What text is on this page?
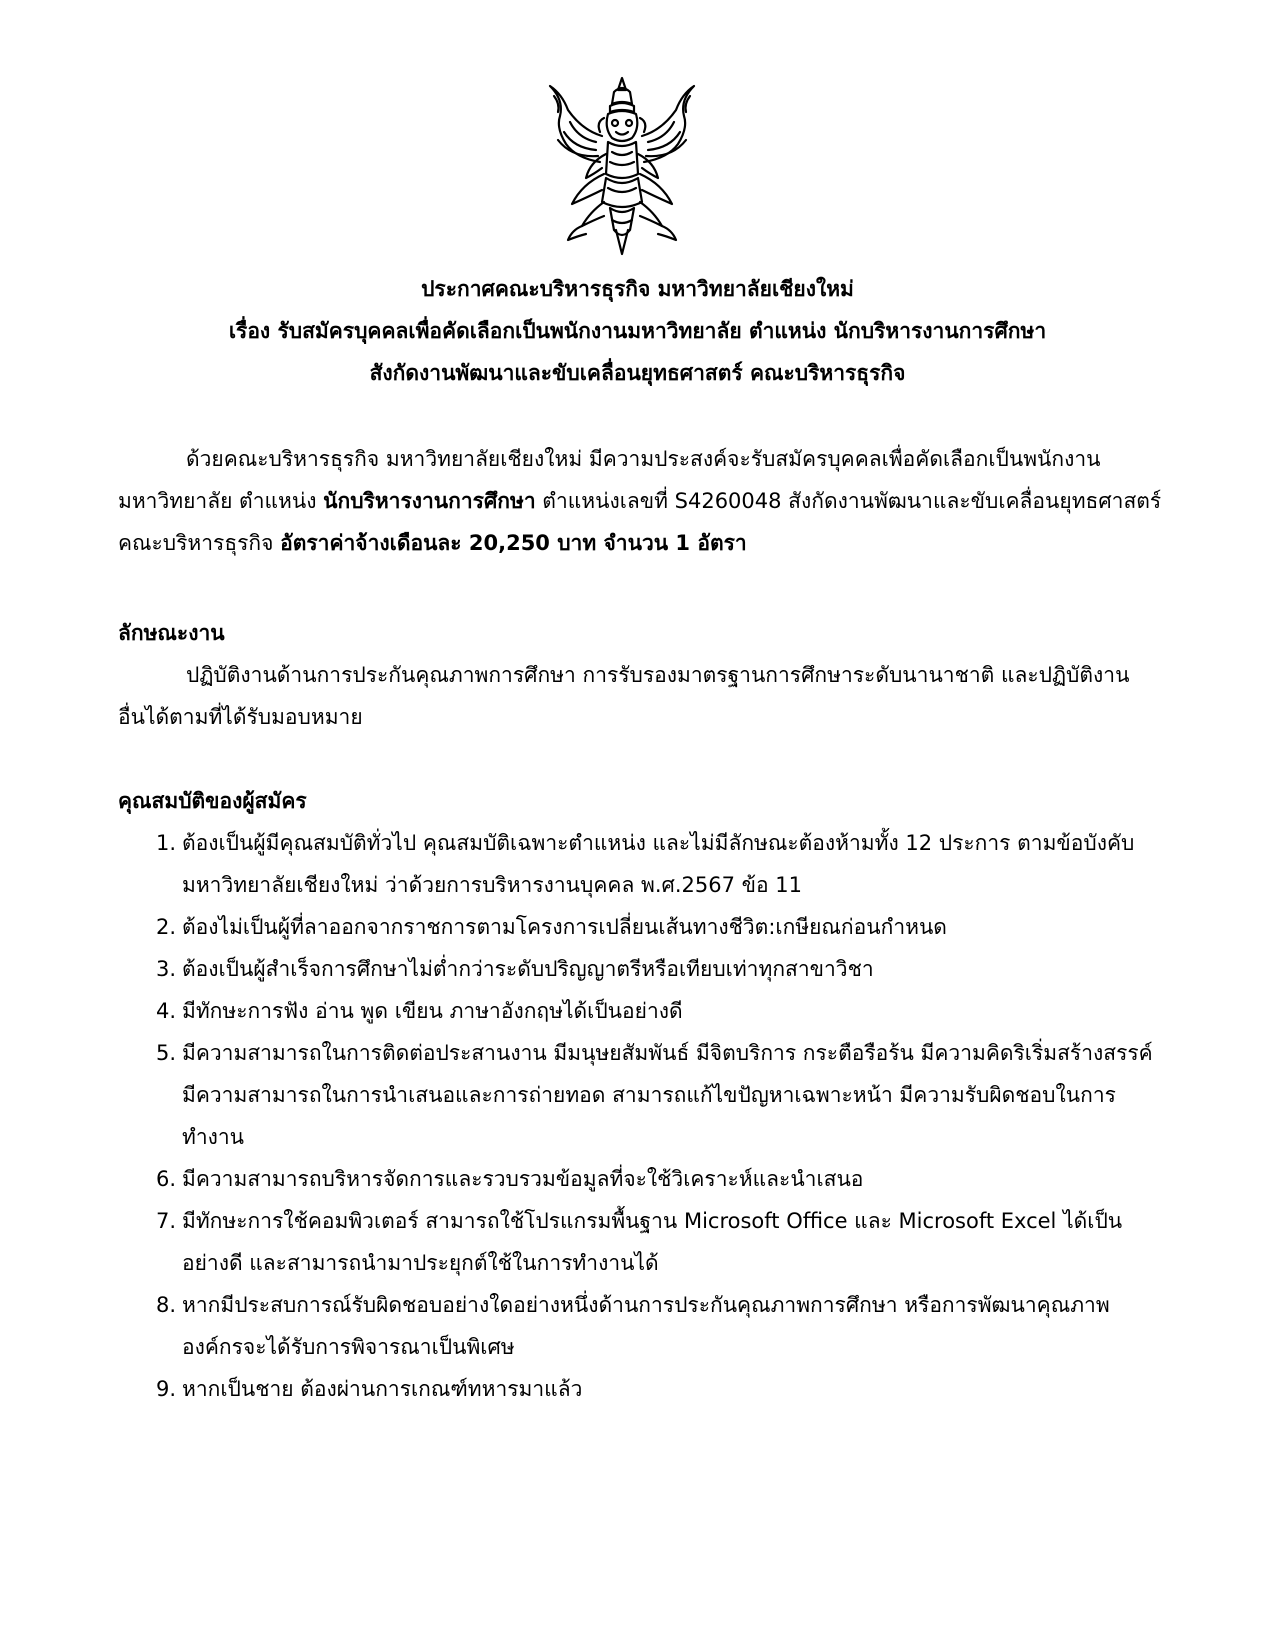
ประกาศคณะบริหารธุรกิจ มหาวิทยาลัยเชียงใหม่
เรื่อง รับสมัครบุคคลเพื่อคัดเลือกเป็นพนักงานมหาวิทยาลัย ตำแหน่ง นักบริหารงานการศึกษา
สังกัดงานพัฒนาและขับเคลื่อนยุทธศาสตร์ คณะบริหารธุรกิจ
ด้วยคณะบริหารธุรกิจ มหาวิทยาลัยเชียงใหม่ มีความประสงค์จะรับสมัครบุคคลเพื่อคัดเลือกเป็นพนักงาน
มหาวิทยาลัย ตำแหน่ง นักบริหารงานการศึกษา ตำแหน่งเลขที่ S4260048 สังกัดงานพัฒนาและขับเคลื่อนยุทธศาสตร์
คณะบริหารธุรกิจ อัตราค่าจ้างเดือนละ 20,250 บาท จำนวน 1 อัตรา
ลักษณะงาน
ปฏิบัติงานด้านการประกันคุณภาพการศึกษา การรับรองมาตรฐานการศึกษาระดับนานาชาติ และปฏิบัติงาน
อื่นได้ตามที่ได้รับมอบหมาย
คุณสมบัติของผู้สมัคร
1. ต้องเป็นผู้มีคุณสมบัติทั่วไป คุณสมบัติเฉพาะตำแหน่ง และไม่มีลักษณะต้องห้ามทั้ง 12 ประการ ตามข้อบังคับ
มหาวิทยาลัยเชียงใหม่ ว่าด้วยการบริหารงานบุคคล พ.ศ.2567 ข้อ 11
2. ต้องไม่เป็นผู้ที่ลาออกจากราชการตามโครงการเปลี่ยนเส้นทางชีวิต:เกษียณก่อนกำหนด
3. ต้องเป็นผู้สำเร็จการศึกษาไม่ต่ำกว่าระดับปริญญาตรีหรือเทียบเท่าทุกสาขาวิชา
4. มีทักษะการฟัง อ่าน พูด เขียน ภาษาอังกฤษได้เป็นอย่างดี
5. มีความสามารถในการติดต่อประสานงาน มีมนุษยสัมพันธ์ มีจิตบริการ กระตือรือร้น มีความคิดริเริ่มสร้างสรรค์
มีความสามารถในการนำเสนอและการถ่ายทอด สามารถแก้ไขปัญหาเฉพาะหน้า มีความรับผิดชอบในการ
ทำงาน
6. มีความสามารถบริหารจัดการและรวบรวมข้อมูลที่จะใช้วิเคราะห์และนำเสนอ
7. มีทักษะการใช้คอมพิวเตอร์ สามารถใช้โปรแกรมพื้นฐาน Microsoft Office และ Microsoft Excel ได้เป็น
อย่างดี และสามารถนำมาประยุกต์ใช้ในการทำงานได้
8. หากมีประสบการณ์รับผิดชอบอย่างใดอย่างหนึ่งด้านการประกันคุณภาพการศึกษา หรือการพัฒนาคุณภาพ
องค์กรจะได้รับการพิจารณาเป็นพิเศษ
9. หากเป็นชาย ต้องผ่านการเกณฑ์ทหารมาแล้ว
